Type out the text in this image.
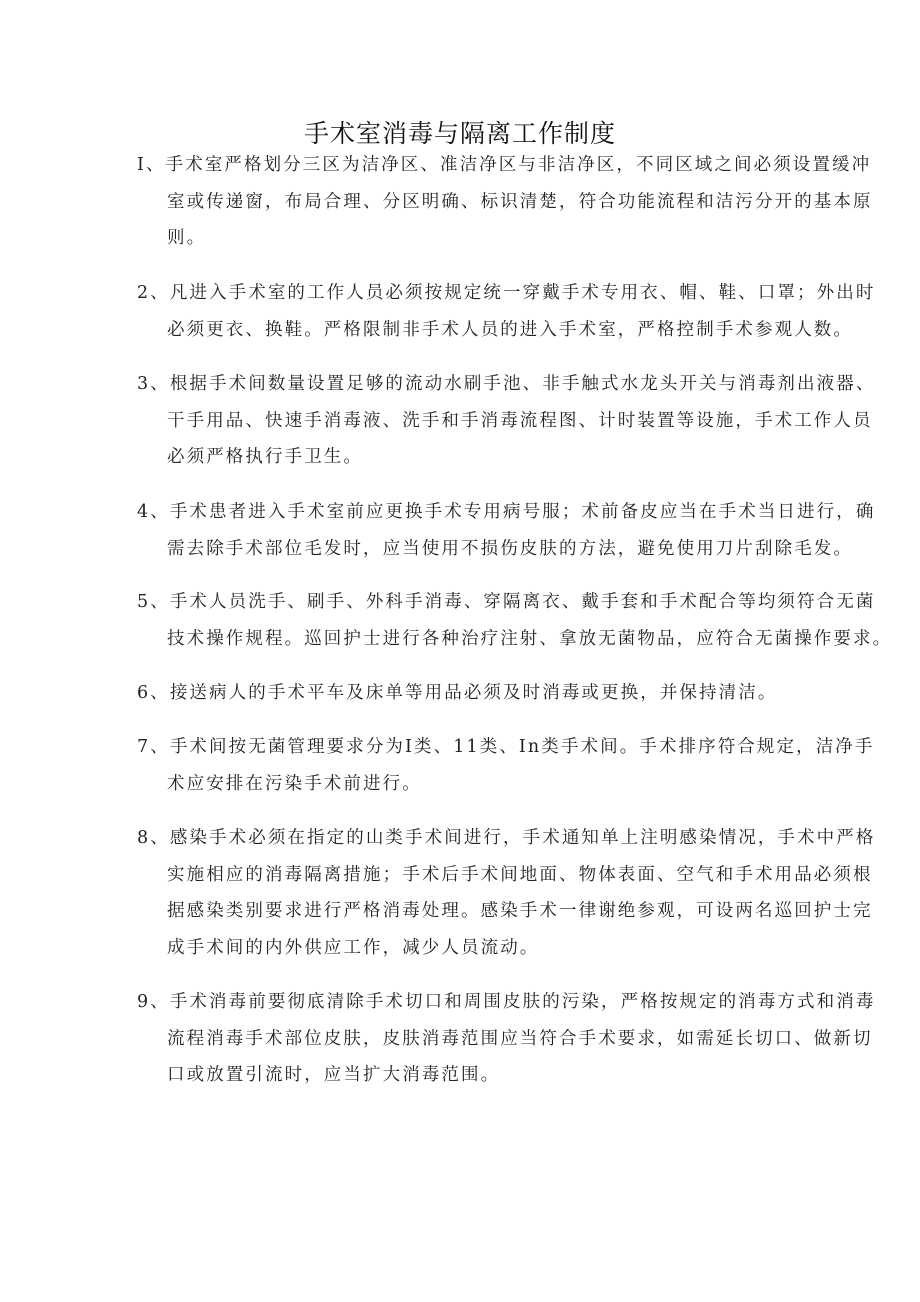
手术室消毒与隔离工作制度
I、手术室严格划分三区为洁净区、准洁净区与非洁净区，不同区域之间必须设置缓冲
室或传递窗，布局合理、分区明确、标识清楚，符合功能流程和洁污分开的基本原
则。
2、凡进入手术室的工作人员必须按规定统一穿戴手术专用衣、帽、鞋、口罩；外出时
必须更衣、换鞋。严格限制非手术人员的进入手术室，严格控制手术参观人数。
3、根据手术间数量设置足够的流动水刷手池、非手触式水龙头开关与消毒剂出液器、
干手用品、快速手消毒液、洗手和手消毒流程图、计时装置等设施，手术工作人员
必须严格执行手卫生。
4、手术患者进入手术室前应更换手术专用病号服；术前备皮应当在手术当日进行，确
需去除手术部位毛发时，应当使用不损伤皮肤的方法，避免使用刀片刮除毛发。
5、手术人员洗手、刷手、外科手消毒、穿隔离衣、戴手套和手术配合等均须符合无菌
技术操作规程。巡回护士进行各种治疗注射、拿放无菌物品，应符合无菌操作要求。
6、接送病人的手术平车及床单等用品必须及时消毒或更换，并保持清洁。
7、手术间按无菌管理要求分为I类、11类、In类手术间。手术排序符合规定，洁净手
术应安排在污染手术前进行。
8、感染手术必须在指定的山类手术间进行，手术通知单上注明感染情况，手术中严格
实施相应的消毒隔离措施；手术后手术间地面、物体表面、空气和手术用品必须根
据感染类别要求进行严格消毒处理。感染手术一律谢绝参观，可设两名巡回护士完
成手术间的内外供应工作，减少人员流动。
9、手术消毒前要彻底清除手术切口和周围皮肤的污染，严格按规定的消毒方式和消毒
流程消毒手术部位皮肤，皮肤消毒范围应当符合手术要求，如需延长切口、做新切
口或放置引流时，应当扩大消毒范围。
